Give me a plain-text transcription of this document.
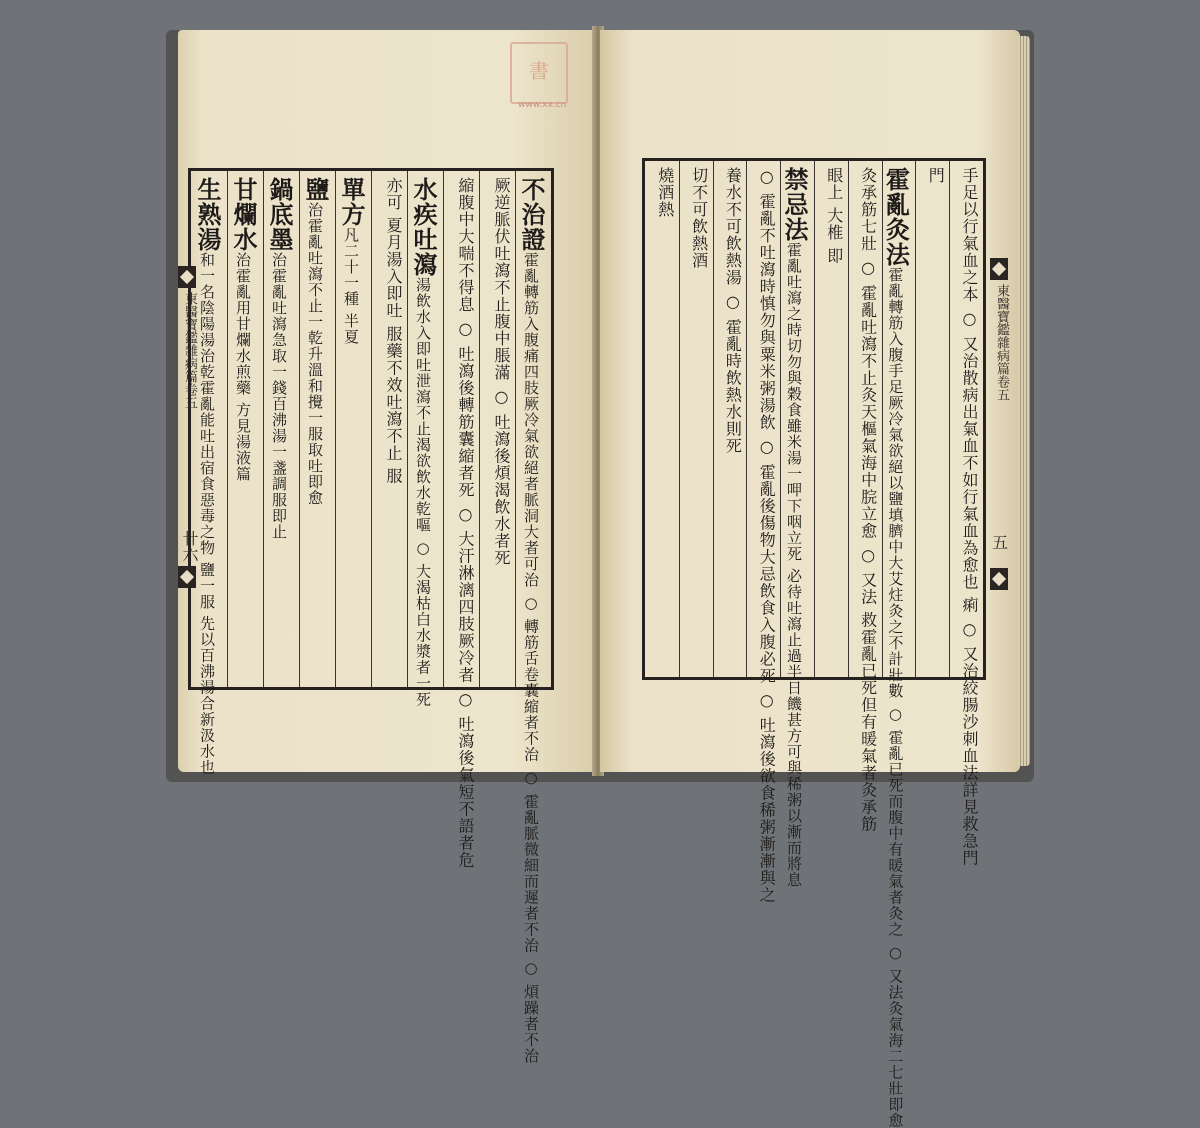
書
www.xx.cn
不治證霍亂轉筋入腹痛四肢厥冷氣欲絕者脈洞大者可治 ○ 轉筋舌卷囊縮者不治 ○ 霍亂脈微細而遲者不治 ○ 煩躁者不治
厥逆脈伏吐瀉不止腹中脹滿 ○ 吐瀉後煩渴飲水者死
縮腹中大喘不得息 ○ 吐瀉後轉筋囊縮者死 ○ 大汗淋漓四肢厥冷者 ○ 吐瀉後氣短不語者危
水疾吐瀉湯飲水入即吐泄瀉不止渴欲飲水乾嘔 ○ 大渴枯白水漿者一死
亦可 夏月湯入即吐 服藥不效吐瀉不止 服
單方凡二十一種 半夏
鹽治霍亂吐瀉不止一乾升溫和攪一服取吐即愈
鍋底墨治霍亂吐瀉急取一錢百沸湯一盞調服即止
甘爛水治霍亂用甘爛水煎藥 方見湯液篇
生熟湯和一名陰陽湯治乾霍亂能吐出宿食惡毒之物 鹽一服 先以百沸湯合新汲水也
東醫寶鑑雜病篇卷五
卄六	手足以行氣血之本 ○ 又治散病出氣血不如行氣血為愈也 痢 ○ 又治絞腸沙刺血法詳見救急門
門
霍亂灸法霍亂轉筋入腹手足厥冷氣欲絕以鹽填臍中大艾炷灸之不計壯數 ○ 霍亂已死而腹中有暖氣者灸之 ○ 又法灸氣海二七壯即愈
灸承筋七壯 ○ 霍亂吐瀉不止灸天樞氣海中脘立愈 ○ 又法 救霍亂已死但有暖氣者灸承筋
眼上 大椎 即
禁忌法霍亂吐瀉之時切勿與穀食雖米湯一呷下咽立死 必待吐瀉止過半日饑甚方可與稀粥以漸而將息
○ 霍亂不吐瀉時慎勿與粟米粥湯飲 ○ 霍亂後傷物大忌飲食入腹必死 ○ 吐瀉後欲食稀粥漸漸與之
養水不可飲熱湯 ○ 霍亂時飲熱水則死
切不可飲熱酒
燒酒熱
東醫寶鑑雜病篇卷五
五
